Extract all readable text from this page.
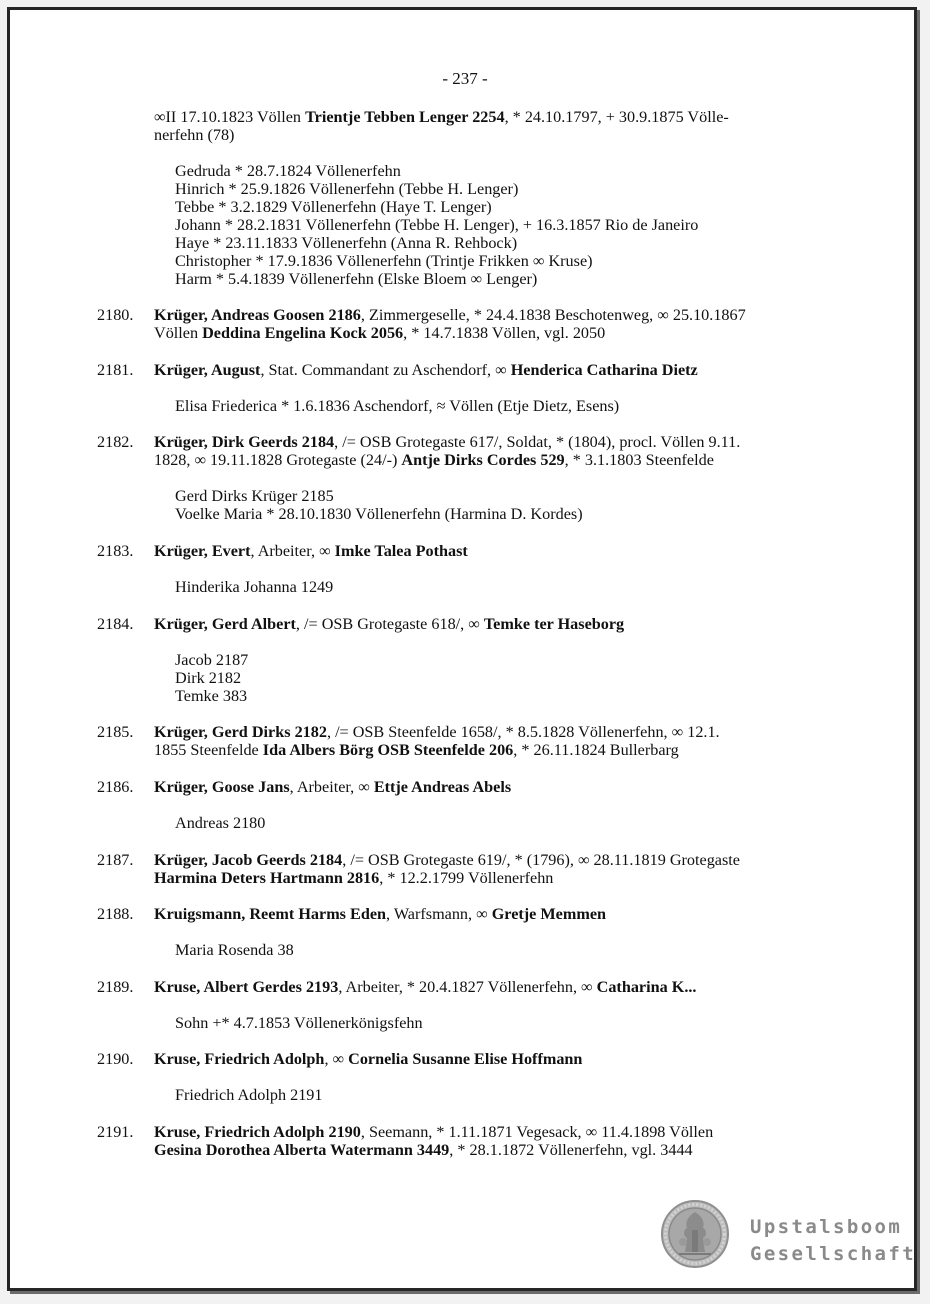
- 237 -
∞II 17.10.1823 Völlen Trientje Tebben Lenger 2254, * 24.10.1797, + 30.9.1875 Völle-
nerfehn (78)
Gedruda * 28.7.1824 Völlenerfehn
Hinrich * 25.9.1826 Völlenerfehn (Tebbe H. Lenger)
Tebbe * 3.2.1829 Völlenerfehn (Haye T. Lenger)
Johann * 28.2.1831 Völlenerfehn (Tebbe H. Lenger), + 16.3.1857 Rio de Janeiro
Haye * 23.11.1833 Völlenerfehn (Anna R. Rehbock)
Christopher * 17.9.1836 Völlenerfehn (Trintje Frikken ∞ Kruse)
Harm * 5.4.1839 Völlenerfehn (Elske Bloem ∞ Lenger)
2180. Krüger, Andreas Goosen 2186, Zimmergeselle, * 24.4.1838 Beschotenweg, ∞ 25.10.1867
Völlen Deddina Engelina Kock 2056, * 14.7.1838 Völlen, vgl. 2050
2181. Krüger, August, Stat. Commandant zu Aschendorf, ∞ Henderica Catharina Dietz
Elisa Friederica * 1.6.1836 Aschendorf, ≈ Völlen (Etje Dietz, Esens)
2182. Krüger, Dirk Geerds 2184, /= OSB Grotegaste 617/, Soldat, * (1804), procl. Völlen 9.11.
1828, ∞ 19.11.1828 Grotegaste (24/-) Antje Dirks Cordes 529, * 3.1.1803 Steenfelde
Gerd Dirks Krüger 2185
Voelke Maria * 28.10.1830 Völlenerfehn (Harmina D. Kordes)
2183. Krüger, Evert, Arbeiter, ∞ Imke Talea Pothast
Hinderika Johanna 1249
2184. Krüger, Gerd Albert, /= OSB Grotegaste 618/, ∞ Temke ter Haseborg
Jacob 2187
Dirk 2182
Temke 383
2185. Krüger, Gerd Dirks 2182, /= OSB Steenfelde 1658/, * 8.5.1828 Völlenerfehn, ∞ 12.1.
1855 Steenfelde Ida Albers Börg OSB Steenfelde 206, * 26.11.1824 Bullerbarg
2186. Krüger, Goose Jans, Arbeiter, ∞ Ettje Andreas Abels
Andreas 2180
2187. Krüger, Jacob Geerds 2184, /= OSB Grotegaste 619/, * (1796), ∞ 28.11.1819 Grotegaste
Harmina Deters Hartmann 2816, * 12.2.1799 Völlenerfehn
2188. Kruigsmann, Reemt Harms Eden, Warfsmann, ∞ Gretje Memmen
Maria Rosenda 38
2189. Kruse, Albert Gerdes 2193, Arbeiter, * 20.4.1827 Völlenerfehn, ∞ Catharina K...
Sohn +* 4.7.1853 Völlenerkönigsfehn
2190. Kruse, Friedrich Adolph, ∞ Cornelia Susanne Elise Hoffmann
Friedrich Adolph 2191
2191. Kruse, Friedrich Adolph 2190, Seemann, * 1.11.1871 Vegesack, ∞ 11.4.1898 Völlen
Gesina Dorothea Alberta Watermann 3449, * 28.1.1872 Völlenerfehn, vgl. 3444
Upstalsboom
Gesellschaft
